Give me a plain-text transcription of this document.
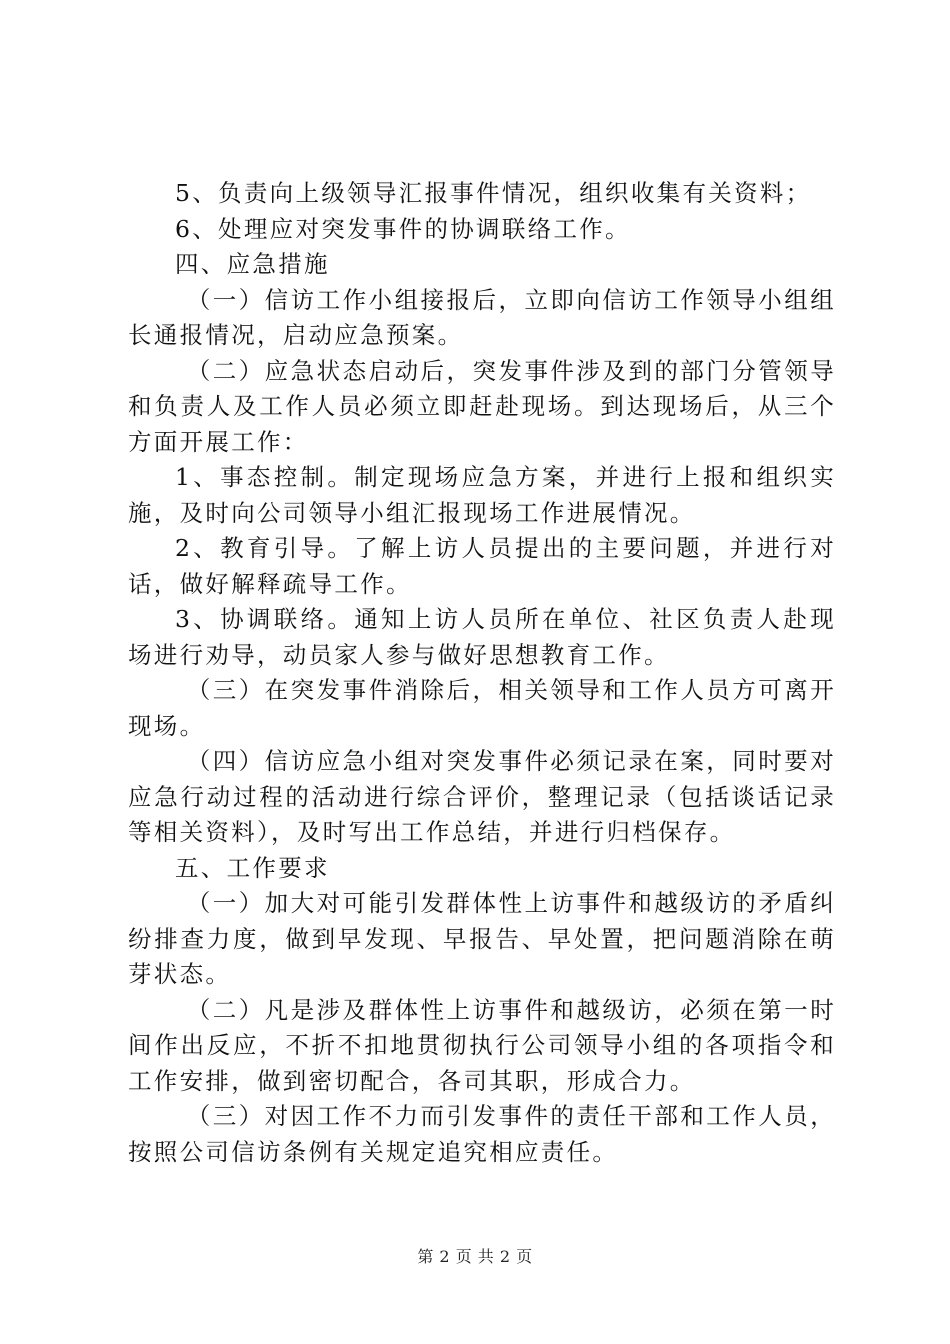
5、负责向上级领导汇报事件情况，组织收集有关资料；

6、处理应对突发事件的协调联络工作。

四、应急措施

（一）信访工作小组接报后，立即向信访工作领导小组组长通报情况，启动应急预案。

（二）应急状态启动后，突发事件涉及到的部门分管领导和负责人及工作人员必须立即赶赴现场。到达现场后，从三个方面开展工作：

1、事态控制。制定现场应急方案，并进行上报和组织实施，及时向公司领导小组汇报现场工作进展情况。

2、教育引导。了解上访人员提出的主要问题，并进行对话，做好解释疏导工作。

3、协调联络。通知上访人员所在单位、社区负责人赴现场进行劝导，动员家人参与做好思想教育工作。

（三）在突发事件消除后，相关领导和工作人员方可离开现场。

（四）信访应急小组对突发事件必须记录在案，同时要对应急行动过程的活动进行综合评价，整理记录（包括谈话记录等相关资料），及时写出工作总结，并进行归档保存。

五、工作要求

（一）加大对可能引发群体性上访事件和越级访的矛盾纠纷排查力度，做到早发现、早报告、早处置，把问题消除在萌芽状态。

（二）凡是涉及群体性上访事件和越级访，必须在第一时间作出反应，不折不扣地贯彻执行公司领导小组的各项指令和工作安排，做到密切配合，各司其职，形成合力。

（三）对因工作不力而引发事件的责任干部和工作人员，按照公司信访条例有关规定追究相应责任。

第 2 页 共 2 页
